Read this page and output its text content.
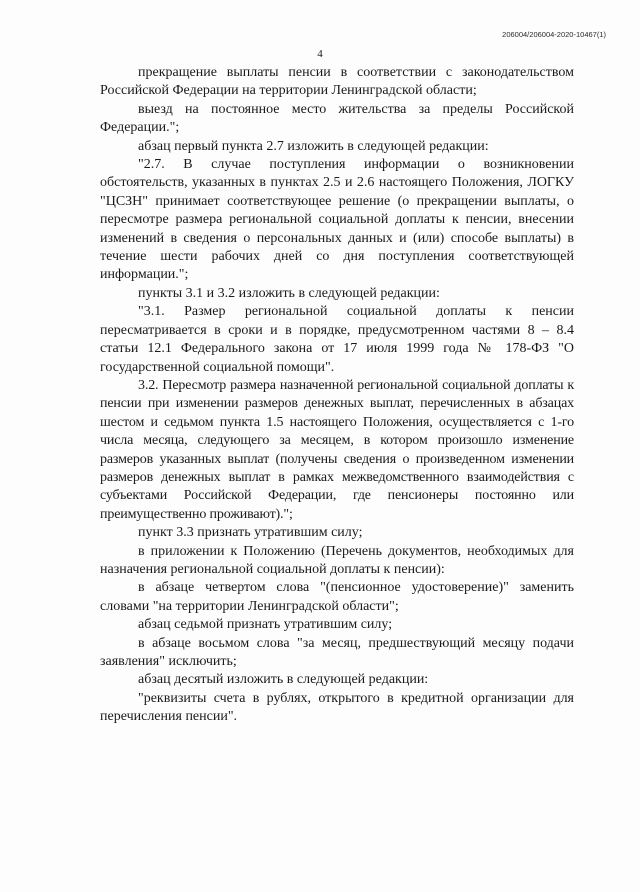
206004/206004-2020-10467(1)
4

прекращение выплаты пенсии в соответствии с законодательством Российской Федерации на территории Ленинградской области;

выезд на постоянное место жительства за пределы Российской Федерации.";

абзац первый пункта 2.7 изложить в следующей редакции:

"2.7. В случае поступления информации о возникновении обстоятельств, указанных в пунктах 2.5 и 2.6 настоящего Положения, ЛОГКУ "ЦСЗН" принимает соответствующее решение (о прекращении выплаты, о пересмотре размера региональной социальной доплаты к пенсии, внесении изменений в сведения о персональных данных и (или) способе выплаты) в течение шести рабочих дней со дня поступления соответствующей информации.";

пункты 3.1 и 3.2 изложить в следующей редакции:

"3.1. Размер региональной социальной доплаты к пенсии пересматривается в сроки и в порядке, предусмотренном частями 8 – 8.4 статьи 12.1 Федерального закона от 17 июля 1999 года № 178-ФЗ "О государственной социальной помощи".

3.2. Пересмотр размера назначенной региональной социальной доплаты к пенсии при изменении размеров денежных выплат, перечисленных в абзацах шестом и седьмом пункта 1.5 настоящего Положения, осуществляется с 1-го числа месяца, следующего за месяцем, в котором произошло изменение размеров указанных выплат (получены сведения о произведенном изменении размеров денежных выплат в рамках межведомственного взаимодействия с субъектами Российской Федерации, где пенсионеры постоянно или преимущественно проживают).";

пункт 3.3 признать утратившим силу;

в приложении к Положению (Перечень документов, необходимых для назначения региональной социальной доплаты к пенсии):

в абзаце четвертом слова "(пенсионное удостоверение)" заменить словами "на территории Ленинградской области";

абзац седьмой признать утратившим силу;

в абзаце восьмом слова "за месяц, предшествующий месяцу подачи заявления" исключить;

абзац десятый изложить в следующей редакции:

"реквизиты счета в рублях, открытого в кредитной организации для перечисления пенсии".
